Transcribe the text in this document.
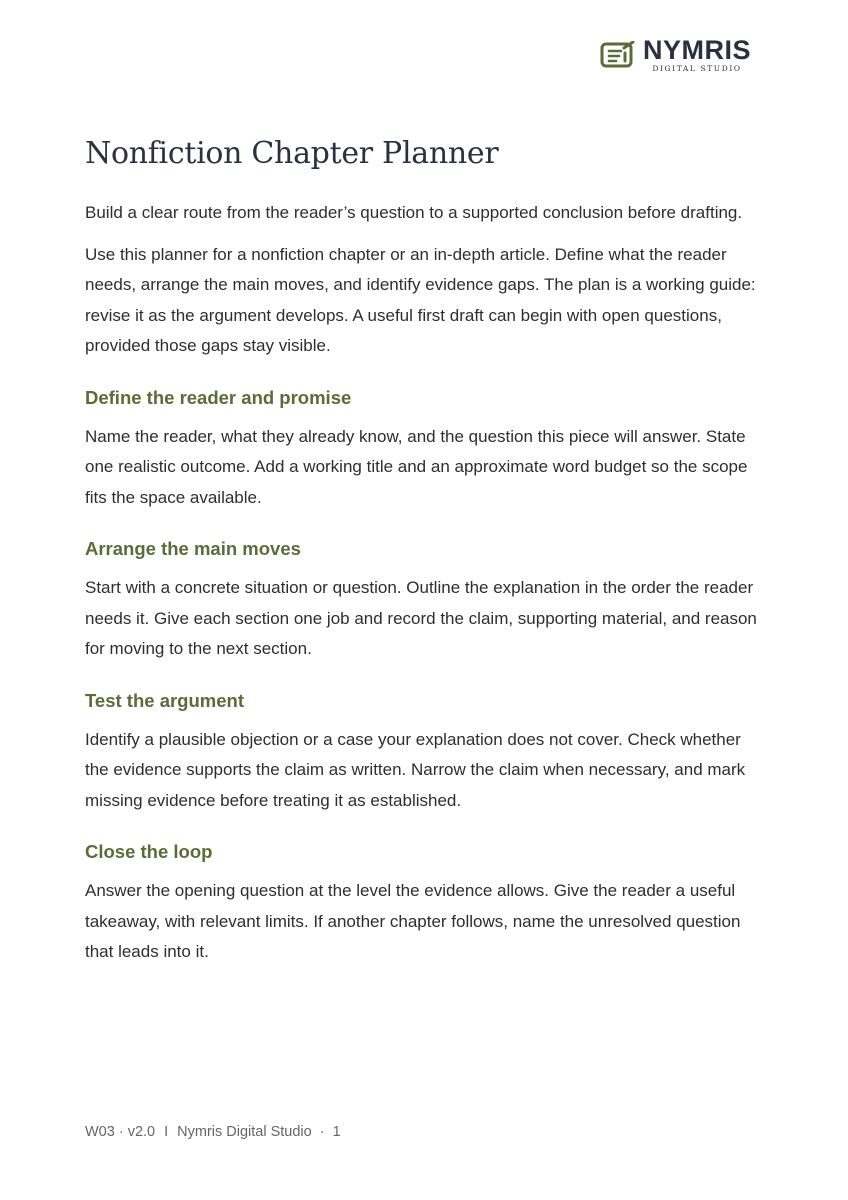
NYMRIS
DIGITAL STUDIO
Nonfiction Chapter Planner

Build a clear route from the reader’s question to a supported conclusion before drafting.

Use this planner for a nonfiction chapter or an in-depth article. Define what the reader needs, arrange the main moves, and identify evidence gaps. The plan is a working guide: revise it as the argument develops. A useful first draft can begin with open questions, provided those gaps stay visible.

Define the reader and promise

Name the reader, what they already know, and the question this piece will answer. State one realistic outcome. Add a working title and an approximate word budget so the scope fits the space available.

Arrange the main moves

Start with a concrete situation or question. Outline the explanation in the order the reader needs it. Give each section one job and record the claim, supporting material, and reason for moving to the next section.

Test the argument

Identify a plausible objection or a case your explanation does not cover. Check whether the evidence supports the claim as written. Narrow the claim when necessary, and mark missing evidence before treating it as established.

Close the loop

Answer the opening question at the level the evidence allows. Give the reader a useful takeaway, with relevant limits. If another chapter follows, name the unresolved question that leads into it.

W03 · v2.0 I Nymris Digital Studio · 1
